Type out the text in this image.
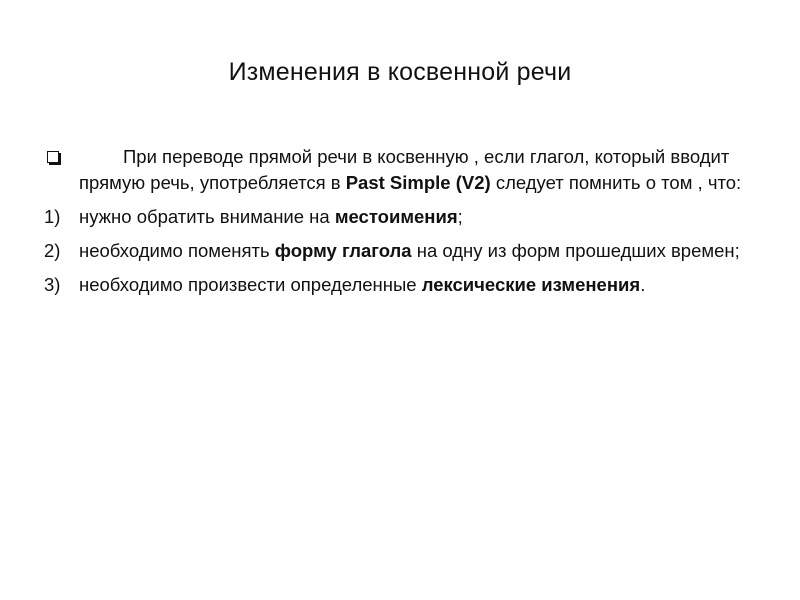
Изменения в косвенной речи
При переводе прямой речи в косвенную , если глагол, который вводит прямую речь, употребляется в Past Simple (V2) следует помнить о том , что:
1)	нужно обратить внимание на местоимения;
2)	необходимо поменять форму глагола на одну из форм прошедших времен;
3)	необходимо произвести определенные лексические изменения.
